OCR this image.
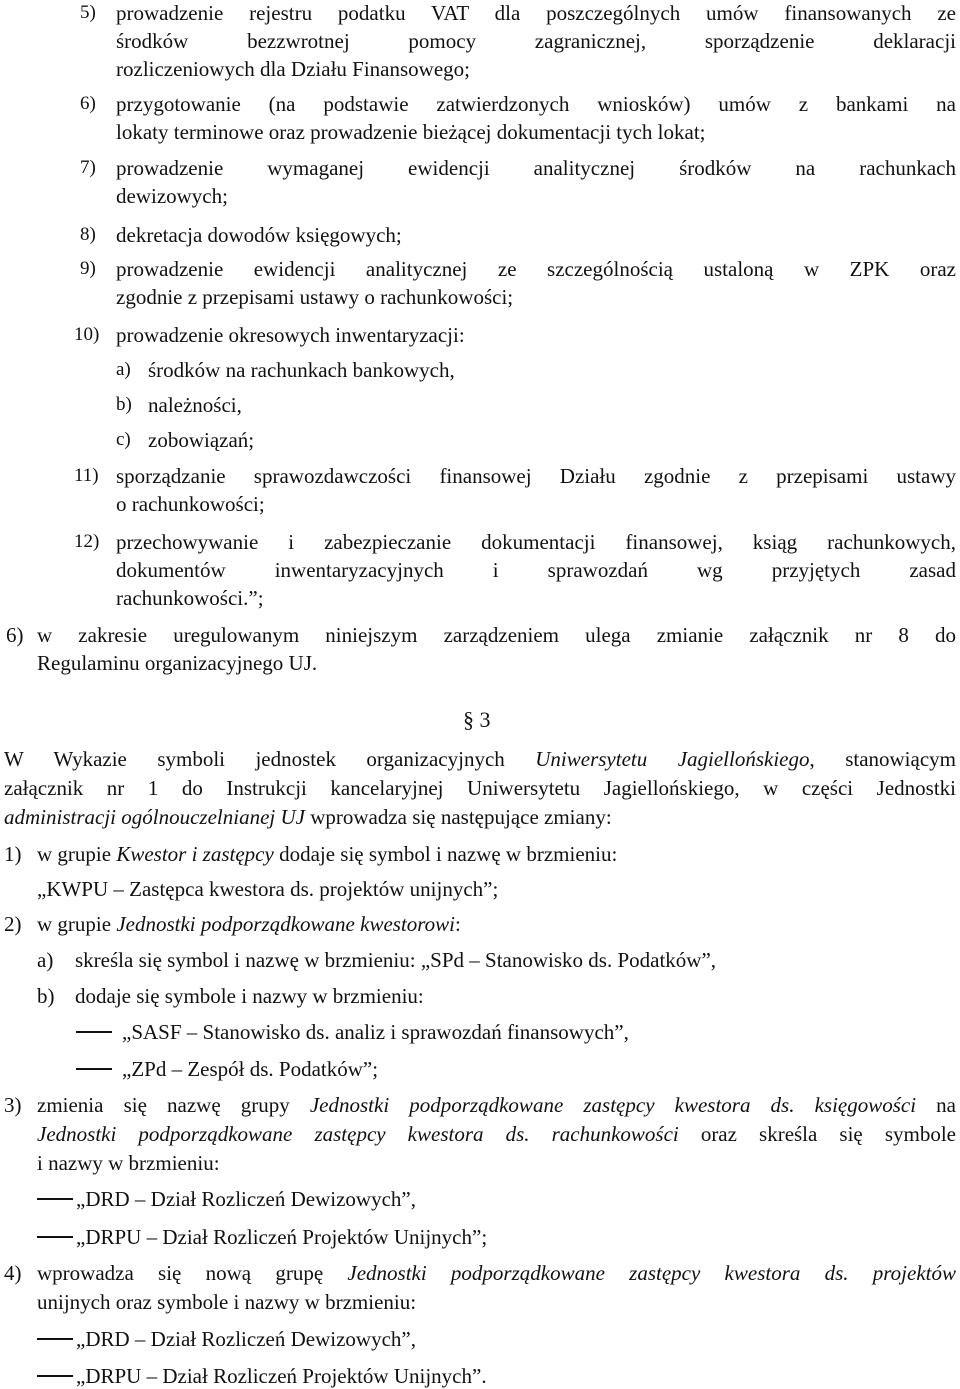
5) prowadzenie rejestru podatku VAT dla poszczególnych umów finansowanych ze
środków bezzwrotnej pomocy zagranicznej, sporządzenie deklaracji
rozliczeniowych dla Działu Finansowego;
6) przygotowanie (na podstawie zatwierdzonych wniosków) umów z bankami na
lokaty terminowe oraz prowadzenie bieżącej dokumentacji tych lokat;
7) prowadzenie wymaganej ewidencji analitycznej środków na rachunkach
dewizowych;
8) dekretacja dowodów księgowych;
9) prowadzenie ewidencji analitycznej ze szczególnością ustaloną w ZPK oraz
zgodnie z przepisami ustawy o rachunkowości;
10) prowadzenie okresowych inwentaryzacji:
a) środków na rachunkach bankowych,
b) należności,
c) zobowiązań;
11) sporządzanie sprawozdawczości finansowej Działu zgodnie z przepisami ustawy
o rachunkowości;
12) przechowywanie i zabezpieczanie dokumentacji finansowej, ksiąg rachunkowych,
dokumentów inwentaryzacyjnych i sprawozdań wg przyjętych zasad
rachunkowości.”;
6) w zakresie uregulowanym niniejszym zarządzeniem ulega zmianie załącznik nr 8 do
Regulaminu organizacyjnego UJ.
§ 3
W Wykazie symboli jednostek organizacyjnych Uniwersytetu Jagiellońskiego, stanowiącym
załącznik nr 1 do Instrukcji kancelaryjnej Uniwersytetu Jagiellońskiego, w części Jednostki
administracji ogólnouczelnianej UJ wprowadza się następujące zmiany:
1) w grupie Kwestor i zastępcy dodaje się symbol i nazwę w brzmieniu:
„KWPU – Zastępca kwestora ds. projektów unijnych”;
2) w grupie Jednostki podporządkowane kwestorowi:
a) skreśla się symbol i nazwę w brzmieniu: „SPd – Stanowisko ds. Podatków”,
b) dodaje się symbole i nazwy w brzmieniu:
„SASF – Stanowisko ds. analiz i sprawozdań finansowych”,
„ZPd – Zespół ds. Podatków”;
3) zmienia się nazwę grupy Jednostki podporządkowane zastępcy kwestora ds. księgowości na
Jednostki podporządkowane zastępcy kwestora ds. rachunkowości oraz skreśla się symbole
i nazwy w brzmieniu:
„DRD – Dział Rozliczeń Dewizowych”,
„DRPU – Dział Rozliczeń Projektów Unijnych”;
4) wprowadza się nową grupę Jednostki podporządkowane zastępcy kwestora ds. projektów
unijnych oraz symbole i nazwy w brzmieniu:
„DRD – Dział Rozliczeń Dewizowych”,
„DRPU – Dział Rozliczeń Projektów Unijnych”.
